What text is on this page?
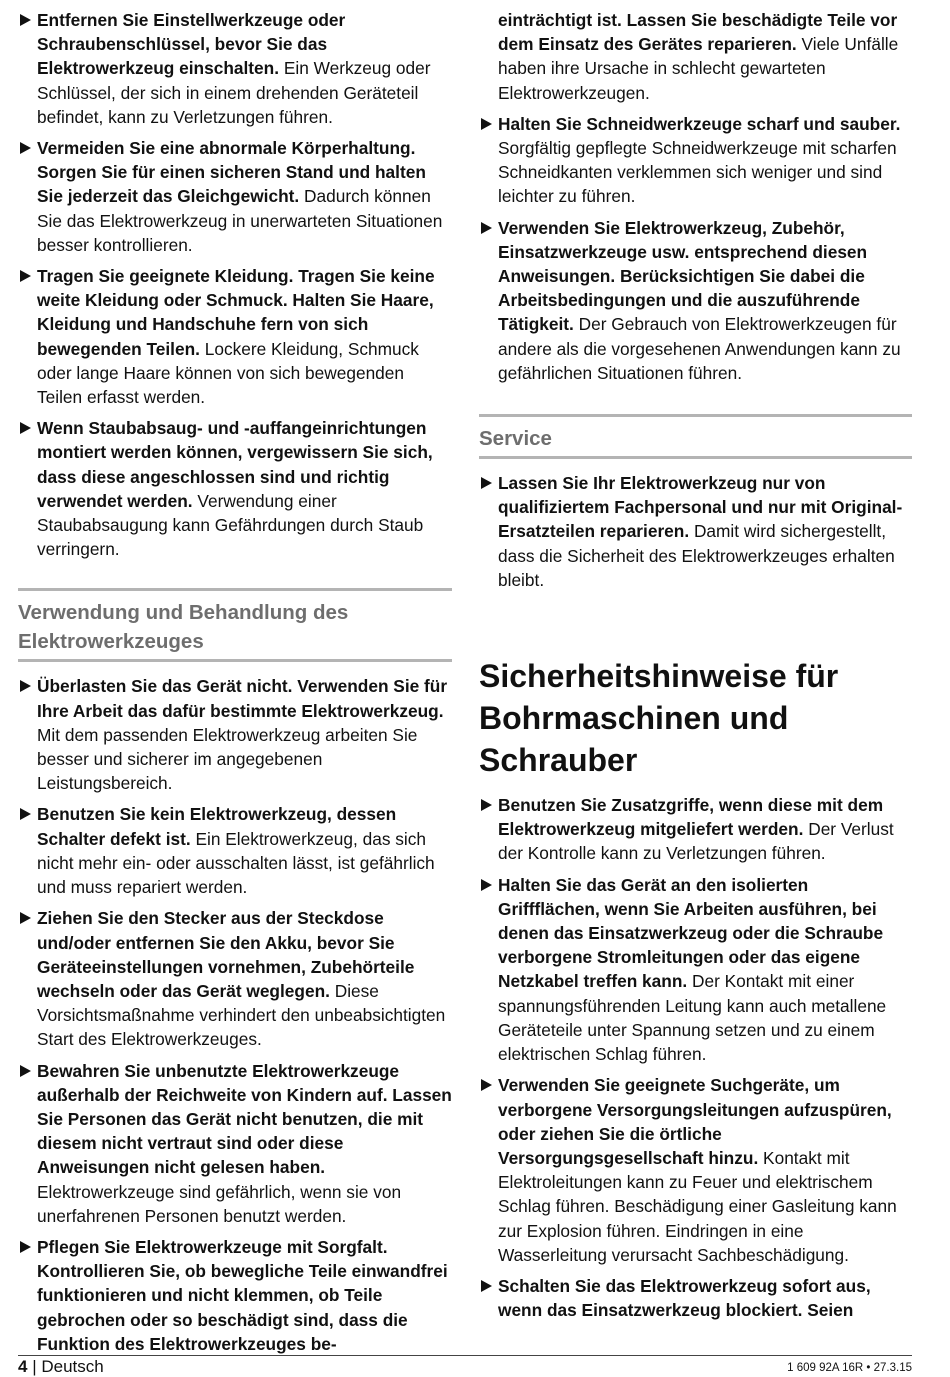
Entfernen Sie Einstellwerkzeuge oder Schraubenschlüssel, bevor Sie das Elektrowerkzeug einschalten. Ein Werkzeug oder Schlüssel, der sich in einem drehenden Geräteteil befindet, kann zu Verletzungen führen.
Vermeiden Sie eine abnormale Körperhaltung. Sorgen Sie für einen sicheren Stand und halten Sie jederzeit das Gleichgewicht. Dadurch können Sie das Elektrowerkzeug in unerwarteten Situationen besser kontrollieren.
Tragen Sie geeignete Kleidung. Tragen Sie keine weite Kleidung oder Schmuck. Halten Sie Haare, Kleidung und Handschuhe fern von sich bewegenden Teilen. Lockere Kleidung, Schmuck oder lange Haare können von sich bewegenden Teilen erfasst werden.
Wenn Staubabsaug- und -auffangeinrichtungen montiert werden können, vergewissern Sie sich, dass diese angeschlossen sind und richtig verwendet werden. Verwendung einer Staubabsaugung kann Gefährdungen durch Staub verringern.
Verwendung und Behandlung des Elektrowerkzeuges
Überlasten Sie das Gerät nicht. Verwenden Sie für Ihre Arbeit das dafür bestimmte Elektrowerkzeug. Mit dem passenden Elektrowerkzeug arbeiten Sie besser und sicherer im angegebenen Leistungsbereich.
Benutzen Sie kein Elektrowerkzeug, dessen Schalter defekt ist. Ein Elektrowerkzeug, das sich nicht mehr ein- oder ausschalten lässt, ist gefährlich und muss repariert werden.
Ziehen Sie den Stecker aus der Steckdose und/oder entfernen Sie den Akku, bevor Sie Geräteeinstellungen vornehmen, Zubehörteile wechseln oder das Gerät weglegen. Diese Vorsichtsmaßnahme verhindert den unbeabsichtigten Start des Elektrowerkzeuges.
Bewahren Sie unbenutzte Elektrowerkzeuge außerhalb der Reichweite von Kindern auf. Lassen Sie Personen das Gerät nicht benutzen, die mit diesem nicht vertraut sind oder diese Anweisungen nicht gelesen haben. Elektrowerkzeuge sind gefährlich, wenn sie von unerfahrenen Personen benutzt werden.
Pflegen Sie Elektrowerkzeuge mit Sorgfalt. Kontrollieren Sie, ob bewegliche Teile einwandfrei funktionieren und nicht klemmen, ob Teile gebrochen oder so beschädigt sind, dass die Funktion des Elektrowerkzeuges be-
einträchtigt ist. Lassen Sie beschädigte Teile vor dem Einsatz des Gerätes reparieren. Viele Unfälle haben ihre Ursache in schlecht gewarteten Elektrowerkzeugen.
Halten Sie Schneidwerkzeuge scharf und sauber. Sorgfältig gepflegte Schneidwerkzeuge mit scharfen Schneidkanten verklemmen sich weniger und sind leichter zu führen.
Verwenden Sie Elektrowerkzeug, Zubehör, Einsatzwerkzeuge usw. entsprechend diesen Anweisungen. Berücksichtigen Sie dabei die Arbeitsbedingungen und die auszuführende Tätigkeit. Der Gebrauch von Elektrowerkzeugen für andere als die vorgesehenen Anwendungen kann zu gefährlichen Situationen führen.
Service
Lassen Sie Ihr Elektrowerkzeug nur von qualifiziertem Fachpersonal und nur mit Original-Ersatzteilen reparieren. Damit wird sichergestellt, dass die Sicherheit des Elektrowerkzeuges erhalten bleibt.
Sicherheitshinweise für Bohrmaschinen und Schrauber
Benutzen Sie Zusatzgriffe, wenn diese mit dem Elektrowerkzeug mitgeliefert werden. Der Verlust der Kontrolle kann zu Verletzungen führen.
Halten Sie das Gerät an den isolierten Griffflächen, wenn Sie Arbeiten ausführen, bei denen das Einsatzwerkzeug oder die Schraube verborgene Stromleitungen oder das eigene Netzkabel treffen kann. Der Kontakt mit einer spannungsführenden Leitung kann auch metallene Geräteteile unter Spannung setzen und zu einem elektrischen Schlag führen.
Verwenden Sie geeignete Suchgeräte, um verborgene Versorgungsleitungen aufzuspüren, oder ziehen Sie die örtliche Versorgungsgesellschaft hinzu. Kontakt mit Elektroleitungen kann zu Feuer und elektrischem Schlag führen. Beschädigung einer Gasleitung kann zur Explosion führen. Eindringen in eine Wasserleitung verursacht Sachbeschädigung.
Schalten Sie das Elektrowerkzeug sofort aus, wenn das Einsatzwerkzeug blockiert. Seien
4 | Deutsch	1 609 92A 16R • 27.3.15
